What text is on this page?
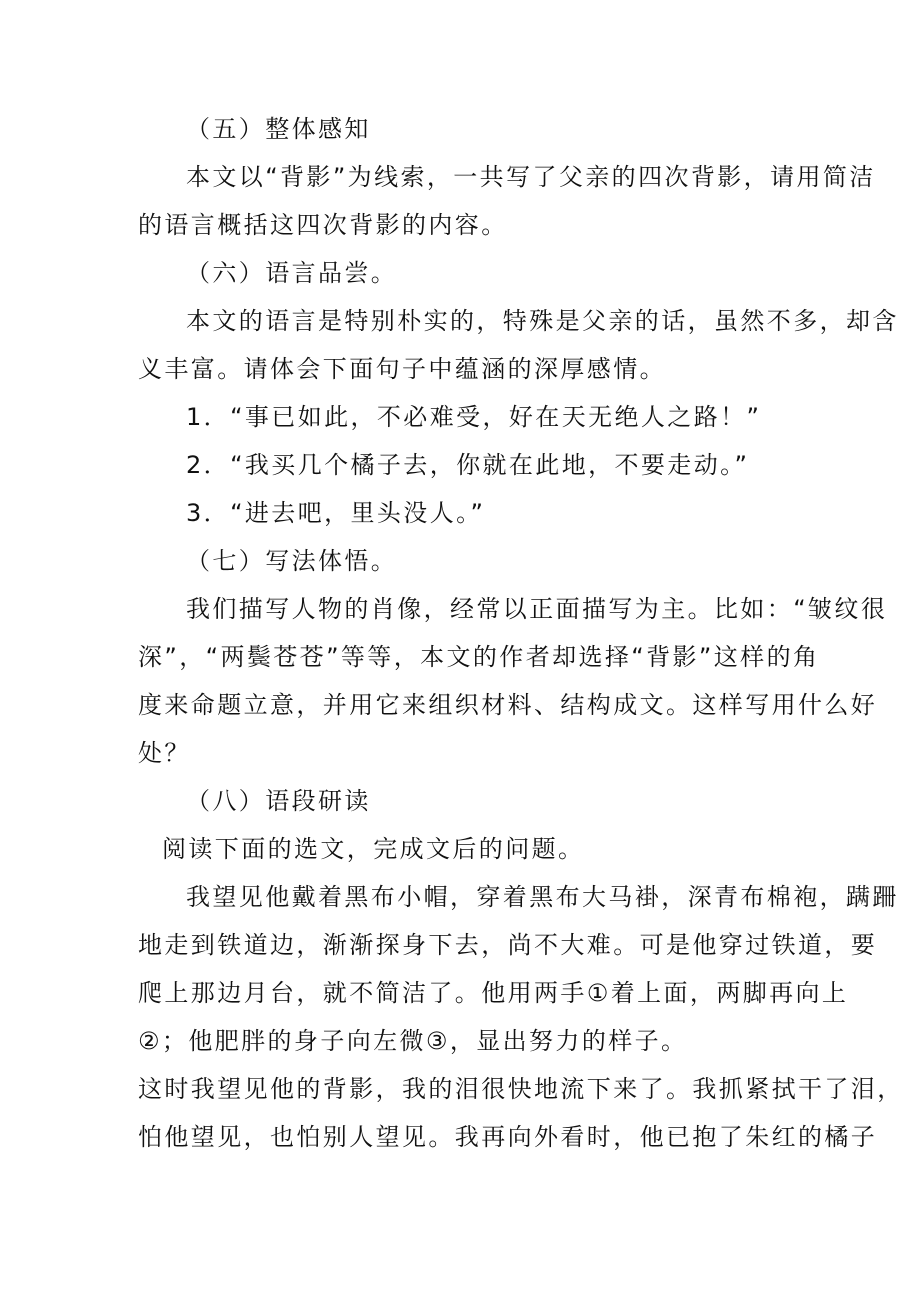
（五）整体感知
本文以“背影”为线索，一共写了父亲的四次背影，请用简洁
的语言概括这四次背影的内容。
（六）语言品尝。
本文的语言是特别朴实的，特殊是父亲的话，虽然不多，却含
义丰富。请体会下面句子中蕴涵的深厚感情。
1．“事已如此，不必难受，好在天无绝人之路！”
2．“我买几个橘子去，你就在此地，不要走动。”
3．“进去吧，里头没人。”
（七）写法体悟。
我们描写人物的肖像，经常以正面描写为主。比如：“皱纹很
深”，“两鬓苍苍”等等，本文的作者却选择“背影”这样的角
度来命题立意，并用它来组织材料、结构成文。这样写用什么好
处？
（八）语段研读
阅读下面的选文，完成文后的问题。
我望见他戴着黑布小帽，穿着黑布大马褂，深青布棉袍，蹒跚
地走到铁道边，渐渐探身下去，尚不大难。可是他穿过铁道，要
爬上那边月台，就不简洁了。他用两手①着上面，两脚再向上
②；他肥胖的身子向左微③，显出努力的样子。
这时我望见他的背影，我的泪很快地流下来了。我抓紧拭干了泪，
怕他望见，也怕别人望见。我再向外看时，他已抱了朱红的橘子
